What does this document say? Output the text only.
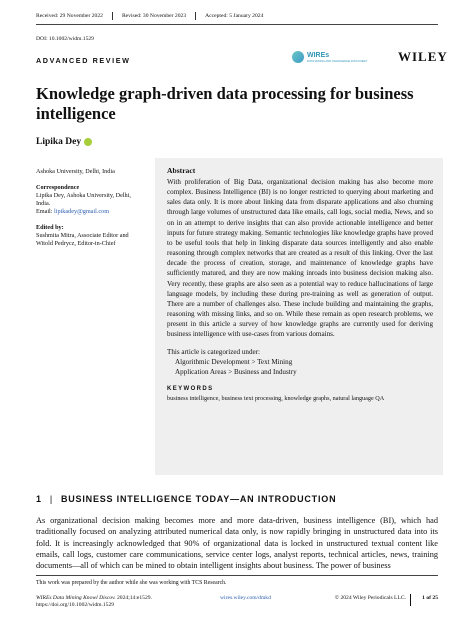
Received: 29 November 2022	Revised: 30 November 2023	Accepted: 5 January 2024
DOI: 10.1002/widm.1529
ADVANCED REVIEW
WIREs
DATA MINING AND KNOWLEDGE DISCOVERY WILEY
Knowledge graph-driven data processing for business intelligence
Lipika Dey
Ashoka University, Delhi, India
Correspondence
Lipika Dey, Ashoka University, Delhi, India.
Email: lipikadey@gmail.com
Edited by:
Sushmita Mitra, Associate Editor and Witold Pedrycz, Editor-in-Chief
Abstract

With proliferation of Big Data, organizational decision making has also become more complex. Business Intelligence (BI) is no longer restricted to querying about marketing and sales data only. It is more about linking data from disparate applications and also churning through large volumes of unstructured data like emails, call logs, social media, News, and so on in an attempt to derive insights that can also provide actionable intelligence and better inputs for future strategy making. Semantic technologies like knowledge graphs have proved to be useful tools that help in linking disparate data sources intelligently and also enable reasoning through complex networks that are created as a result of this linking. Over the last decade the process of creation, storage, and maintenance of knowledge graphs have sufficiently matured, and they are now making inroads into business decision making also. Very recently, these graphs are also seen as a potential way to reduce hallucinations of large language models, by including these during pre-training as well as generation of output. There are a number of challenges also. These include building and maintaining the graphs, reasoning with missing links, and so on. While these remain as open research problems, we present in this article a survey of how knowledge graphs are currently used for deriving business intelligence with use-cases from various domains.

This article is categorized under:
Algorithmic Development > Text Mining
Application Areas > Business and Industry
KEYWORDS
business intelligence, business text processing, knowledge graphs, natural language QA
1 | BUSINESS INTELLIGENCE TODAY—AN INTRODUCTION

As organizational decision making becomes more and more data-driven, business intelligence (BI), which had traditionally focused on analyzing attributed numerical data only, is now rapidly bringing in unstructured data into its fold. It is increasingly acknowledged that 90% of organizational data is locked in unstructured textual content like emails, call logs, customer care communications, service center logs, analyst reports, technical articles, news, training documents—all of which can be mined to obtain intelligent insights about business. The power of business

This work was prepared by the author while she was working with TCS Research.
WIREs Data Mining Knowl Discov. 2024;14:e1529.
https://doi.org/10.1002/widm.1529
wires.wiley.com/dmkd	© 2024 Wiley Periodicals LLC.	1 of 25
